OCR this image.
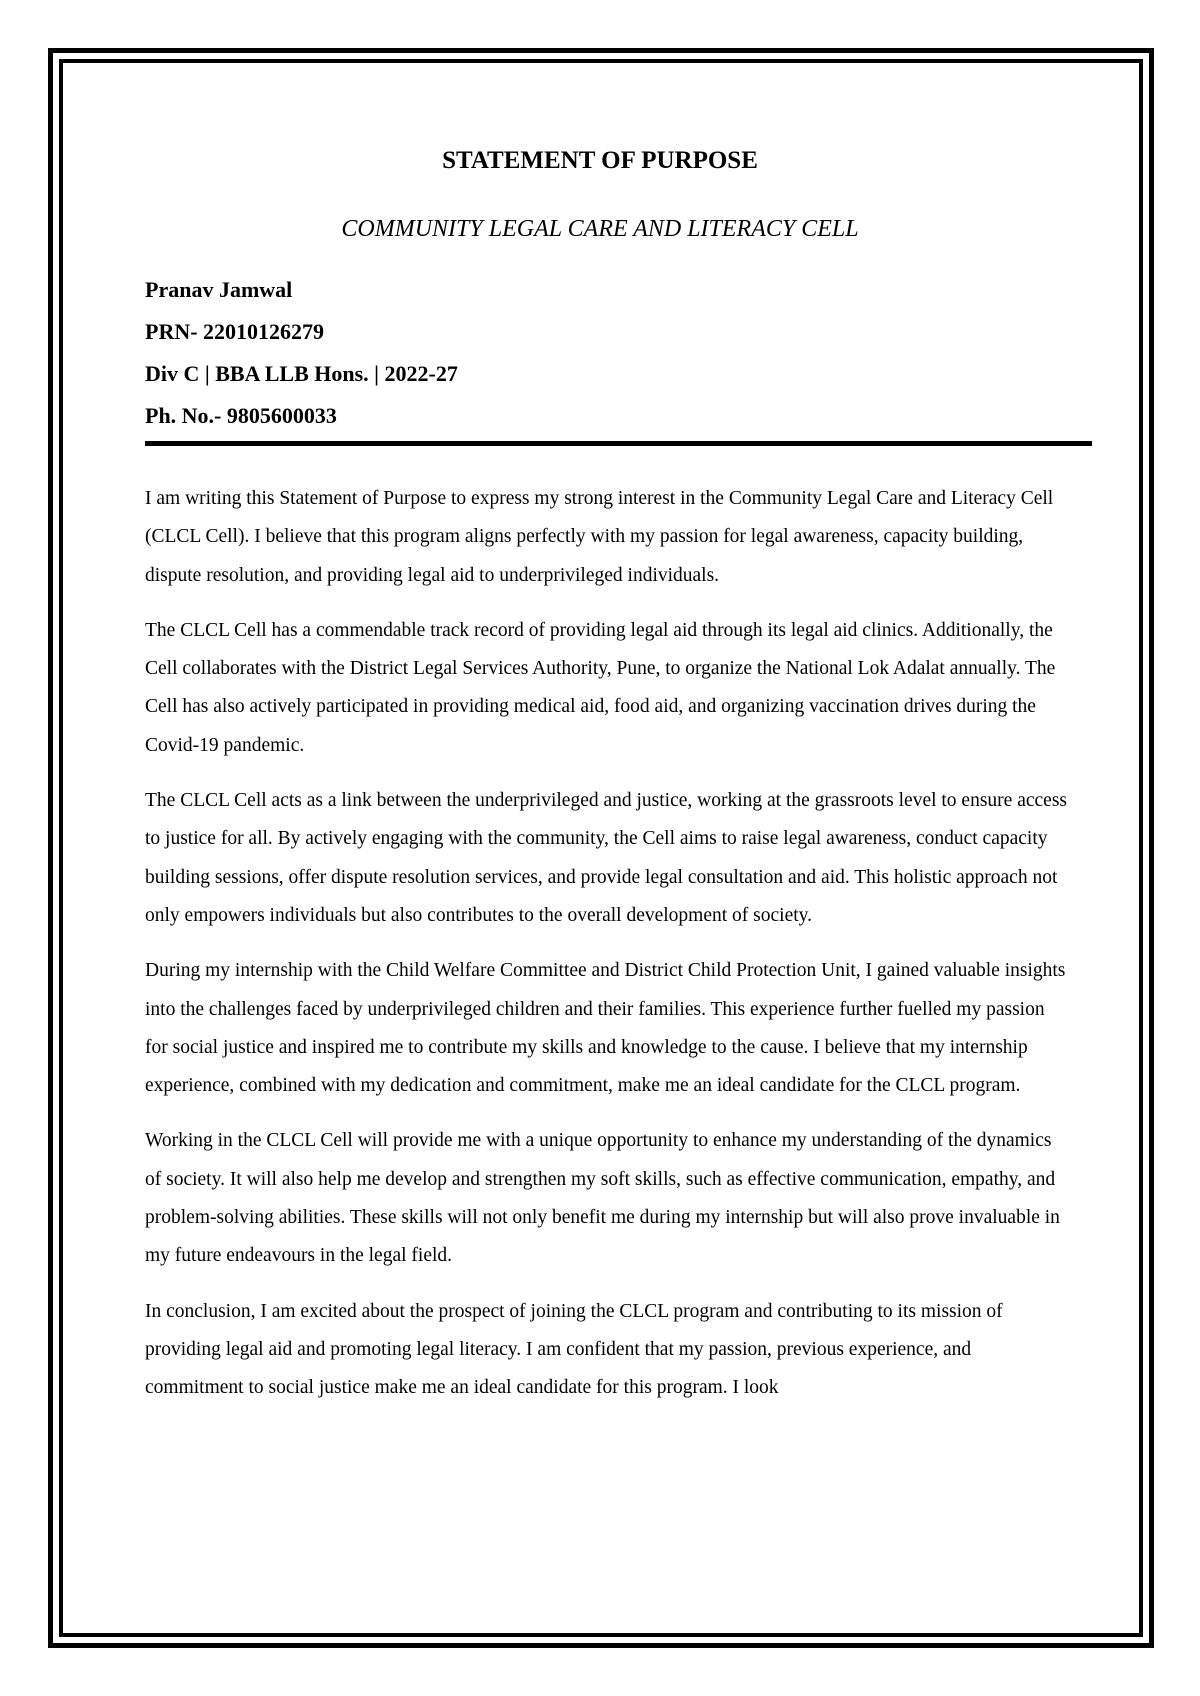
STATEMENT OF PURPOSE
COMMUNITY LEGAL CARE AND LITERACY CELL
Pranav Jamwal
PRN- 22010126279
Div C | BBA LLB Hons. | 2022-27
Ph. No.- 9805600033

I am writing this Statement of Purpose to express my strong interest in the Community Legal Care and Literacy Cell (CLCL Cell). I believe that this program aligns perfectly with my passion for legal awareness, capacity building, dispute resolution, and providing legal aid to underprivileged individuals.

The CLCL Cell has a commendable track record of providing legal aid through its legal aid clinics. Additionally, the Cell collaborates with the District Legal Services Authority, Pune, to organize the National Lok Adalat annually. The Cell has also actively participated in providing medical aid, food aid, and organizing vaccination drives during the Covid-19 pandemic.

The CLCL Cell acts as a link between the underprivileged and justice, working at the grassroots level to ensure access to justice for all. By actively engaging with the community, the Cell aims to raise legal awareness, conduct capacity building sessions, offer dispute resolution services, and provide legal consultation and aid. This holistic approach not only empowers individuals but also contributes to the overall development of society.

During my internship with the Child Welfare Committee and District Child Protection Unit, I gained valuable insights into the challenges faced by underprivileged children and their families. This experience further fuelled my passion for social justice and inspired me to contribute my skills and knowledge to the cause. I believe that my internship experience, combined with my dedication and commitment, make me an ideal candidate for the CLCL program.

Working in the CLCL Cell will provide me with a unique opportunity to enhance my understanding of the dynamics of society. It will also help me develop and strengthen my soft skills, such as effective communication, empathy, and problem-solving abilities. These skills will not only benefit me during my internship but will also prove invaluable in my future endeavours in the legal field.

In conclusion, I am excited about the prospect of joining the CLCL program and contributing to its mission of providing legal aid and promoting legal literacy. I am confident that my passion, previous experience, and commitment to social justice make me an ideal candidate for this program. I look
